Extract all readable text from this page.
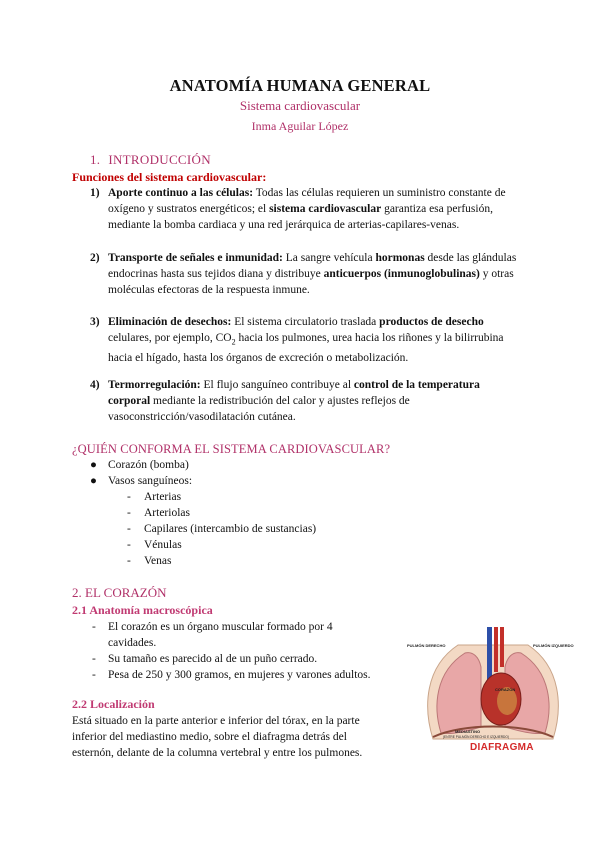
ANATOMÍA HUMANA GENERAL
Sistema cardiovascular
Inma Aguilar López
1. INTRODUCCIÓN
Funciones del sistema cardiovascular:
1) Aporte continuo a las células: Todas las células requieren un suministro constante de oxígeno y sustratos energéticos; el sistema cardiovascular garantiza esa perfusión, mediante la bomba cardiaca y una red jerárquica de arterias-capilares-venas.
2) Transporte de señales e inmunidad: La sangre vehícula hormonas desde las glándulas endocrinas hasta sus tejidos diana y distribuye anticuerpos (inmunoglobulinas) y otras moléculas efectoras de la respuesta inmune.
3) Eliminación de desechos: El sistema circulatorio traslada productos de desecho celulares, por ejemplo, $CO_2$ hacia los pulmones, urea hacia los riñones y la bilirrubina hacia el hígado, hasta los órganos de excreción o metabolización.
4) Termorregulación: El flujo sanguíneo contribuye al control de la temperatura corporal mediante la redistribución del calor y ajustes reflejos de vasoconstricción/vasodilatación cutánea.
¿QUIÉN CONFORMA EL SISTEMA CARDIOVASCULAR?
● Corazón (bomba)
● Vasos sanguíneos:
- Arterias
- Arteriolas
- Capilares (intercambio de sustancias)
- Vénulas
- Venas
2. EL CORAZÓN
2.1 Anatomía macroscópica
- El corazón es un órgano muscular formado por 4 cavidades.
- Su tamaño es parecido al de un puño cerrado.
- Pesa de 250 y 300 gramos, en mujeres y varones adultos.
2.2 Localización
Está situado en la parte anterior e inferior del tórax, en la parte inferior del mediastino medio, sobre el diafragma detrás del esternón, delante de la columna vertebral y entre los pulmones.
PULMÓN DERECHO	PULMÓN IZQUIERDO
CORAZÓN
MEDIASTINO
(ENTRE PULMÓN DERECHO E IZQUIERDO)
DIAFRAGMA
